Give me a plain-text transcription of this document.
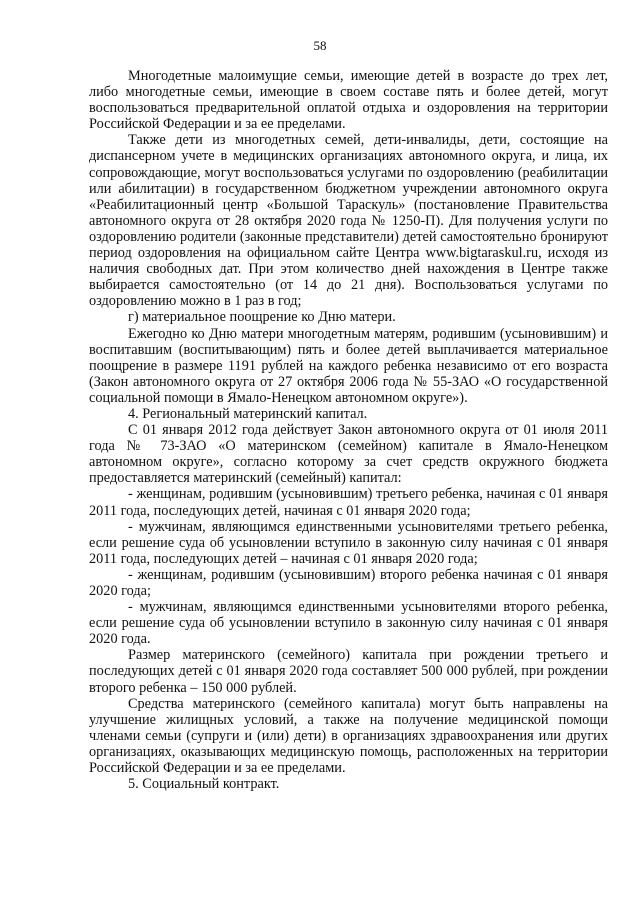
58

Многодетные малоимущие семьи, имеющие детей в возрасте до трех лет, либо многодетные семьи, имеющие в своем составе пять и более детей, могут воспользоваться предварительной оплатой отдыха и оздоровления на территории Российской Федерации и за ее пределами.

Также дети из многодетных семей, дети-инвалиды, дети, состоящие на диспансерном учете в медицинских организациях автономного округа, и лица, их сопровождающие, могут воспользоваться услугами по оздоровлению (реабилитации или абилитации) в государственном бюджетном учреждении автономного округа «Реабилитационный центр «Большой Тараскуль» (постановление Правительства автономного округа от 28 октября 2020 года № 1250-П). Для получения услуги по оздоровлению родители (законные представители) детей самостоятельно бронируют период оздоровления на официальном сайте Центра www.bigtaraskul.ru, исходя из наличия свободных дат. При этом количество дней нахождения в Центре также выбирается самостоятельно (от 14 до 21 дня). Воспользоваться услугами по оздоровлению можно в 1 раз в год;

г) материальное поощрение ко Дню матери.

Ежегодно ко Дню матери многодетным матерям, родившим (усыновившим) и воспитавшим (воспитывающим) пять и более детей выплачивается материальное поощрение в размере 1191 рублей на каждого ребенка независимо от его возраста (Закон автономного округа от 27 октября 2006 года № 55-ЗАО «О государственной социальной помощи в Ямало-Ненецком автономном округе»).

4. Региональный материнский капитал.

С 01 января 2012 года действует Закон автономного округа от 01 июля 2011 года № 73-ЗАО «О материнском (семейном) капитале в Ямало-Ненецком автономном округе», согласно которому за счет средств окружного бюджета предоставляется материнский (семейный) капитал:

- женщинам, родившим (усыновившим) третьего ребенка, начиная с 01 января 2011 года, последующих детей, начиная с 01 января 2020 года;

- мужчинам, являющимся единственными усыновителями третьего ребенка, если решение суда об усыновлении вступило в законную силу начиная с 01 января 2011 года, последующих детей – начиная с 01 января 2020 года;

- женщинам, родившим (усыновившим) второго ребенка начиная с 01 января 2020 года;

- мужчинам, являющимся единственными усыновителями второго ребенка, если решение суда об усыновлении вступило в законную силу начиная с 01 января 2020 года.

Размер материнского (семейного) капитала при рождении третьего и последующих детей с 01 января 2020 года составляет 500 000 рублей, при рождении второго ребенка – 150 000 рублей.

Средства материнского (семейного капитала) могут быть направлены на улучшение жилищных условий, а также на получение медицинской помощи членами семьи (супруги и (или) дети) в организациях здравоохранения или других организациях, оказывающих медицинскую помощь, расположенных на территории Российской Федерации и за ее пределами.

5. Социальный контракт.
